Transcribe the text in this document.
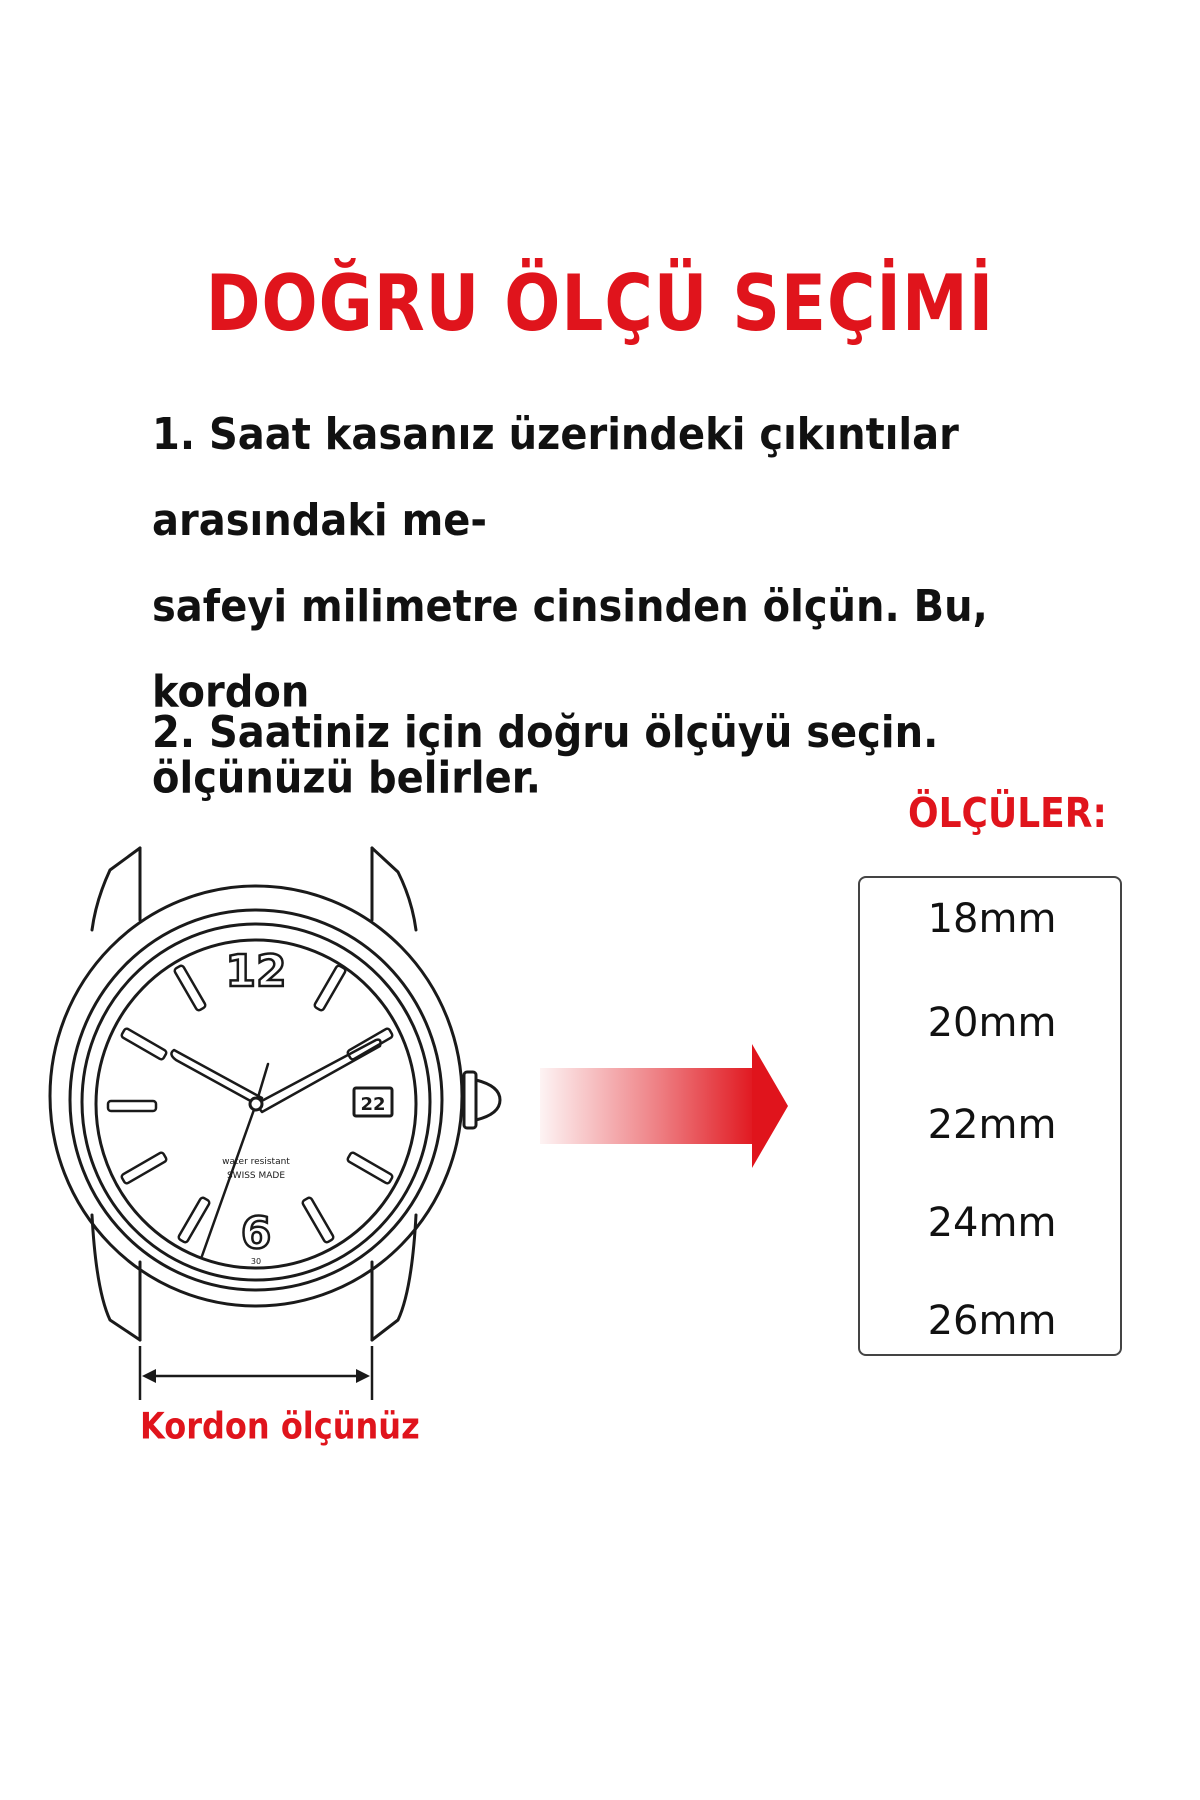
DOĞRU ÖLÇÜ SEÇİMİ
1. Saat kasanız üzerindeki çıkıntılar arasındaki me-
safeyi milimetre cinsinden ölçün. Bu, kordon
ölçünüzü belirler.
2. Saatiniz için doğru ölçüyü seçin.
ÖLÇÜLER:
18mm
20mm
22mm
24mm
26mm
12
6
22
water resistant
SWISS MADE
30
Kordon ölçünüz
